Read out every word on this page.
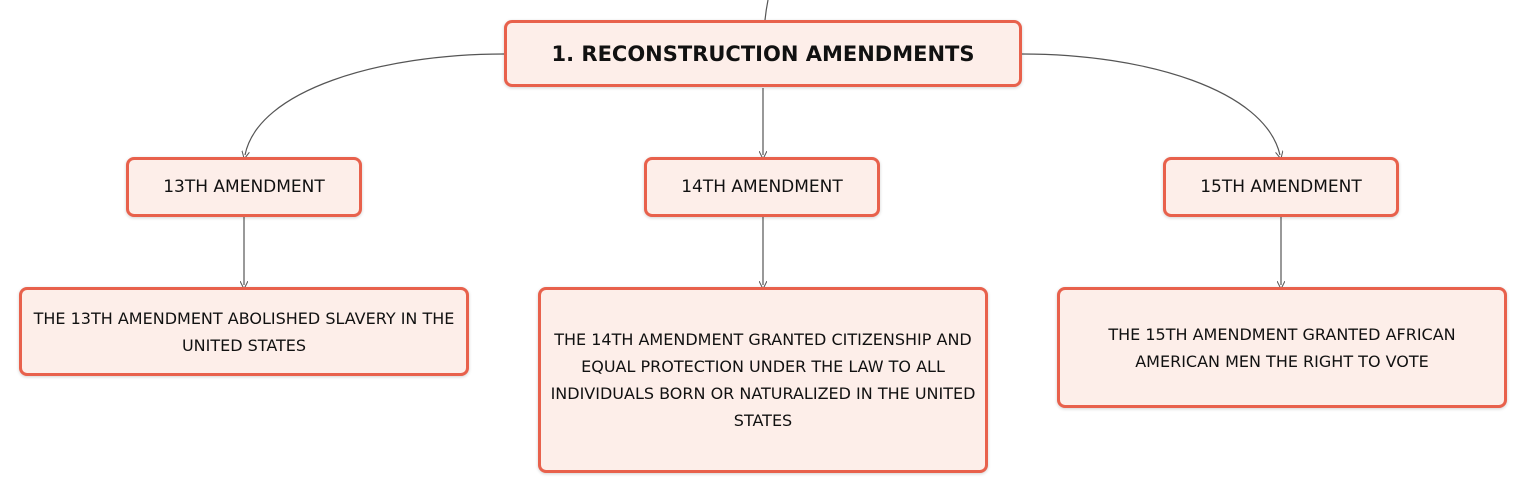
1. RECONSTRUCTION AMENDMENTS
13TH AMENDMENT	14TH AMENDMENT	15TH AMENDMENT
THE 13TH AMENDMENT ABOLISHED SLAVERY IN THE UNITED STATES	THE 14TH AMENDMENT GRANTED CITIZENSHIP AND EQUAL PROTECTION UNDER THE LAW TO ALL INDIVIDUALS BORN OR NATURALIZED IN THE UNITED STATES
THE 15TH AMENDMENT GRANTED AFRICAN AMERICAN MEN THE RIGHT TO VOTE
